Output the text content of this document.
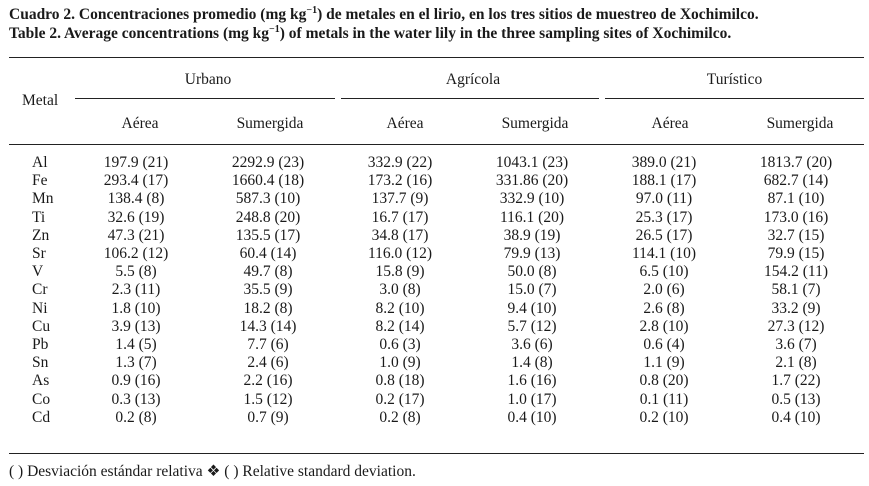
Cuadro 2. Concentraciones promedio (mg $kg^{-1}$) de metales en el lirio, en los tres sitios de muestreo de Xochimilco.
Table 2. Average concentrations (mg $kg^{-1}$) of metals in the water lily in the three sampling sites of Xochimilco.
Metal
Urbano	Agrícola	Turístico
Aérea	Sumergida	Aérea	Sumergida	Aérea	Sumergida
Al	197.9 (21)	2292.9 (23)	332.9 (22)	1043.1 (23)	389.0 (21)	1813.7 (20)	
Fe	293.4 (17)	1660.4 (18)	173.2 (16)	331.86 (20)	188.1 (17)	682.7 (14)	
Mn	138.4 (8)	587.3 (10)	137.7 (9)	332.9 (10)	97.0 (11)	87.1 (10)	
Ti	32.6 (19)	248.8 (20)	16.7 (17)	116.1 (20)	25.3 (17)	173.0 (16)	
Zn	47.3 (21)	135.5 (17)	34.8 (17)	38.9 (19)	26.5 (17)	32.7 (15)	
Sr	106.2 (12)	60.4 (14)	116.0 (12)	79.9 (13)	114.1 (10)	79.9 (15)	
V	5.5 (8)	49.7 (8)	15.8 (9)	50.0 (8)	6.5 (10)	154.2 (11)	
Cr	2.3 (11)	35.5 (9)	3.0 (8)	15.0 (7)	2.0 (6)	58.1 (7)	
Ni	1.8 (10)	18.2 (8)	8.2 (10)	9.4 (10)	2.6 (8)	33.2 (9)	
Cu	3.9 (13)	14.3 (14)	8.2 (14)	5.7 (12)	2.8 (10)	27.3 (12)	
Pb	1.4 (5)	7.7 (6)	0.6 (3)	3.6 (6)	0.6 (4)	3.6 (7)	
Sn	1.3 (7)	2.4 (6)	1.0 (9)	1.4 (8)	1.1 (9)	2.1 (8)	
As	0.9 (16)	2.2 (16)	0.8 (18)	1.6 (16)	0.8 (20)	1.7 (22)	
Co	0.3 (13)	1.5 (12)	0.2 (17)	1.0 (17)	0.1 (11)	0.5 (13)	
Cd	0.2 (8)	0.7 (9)	0.2 (8)	0.4 (10)	0.2 (10)	0.4 (10)	
( ) Desviación estándar relativa ❖ ( ) Relative standard deviation.
